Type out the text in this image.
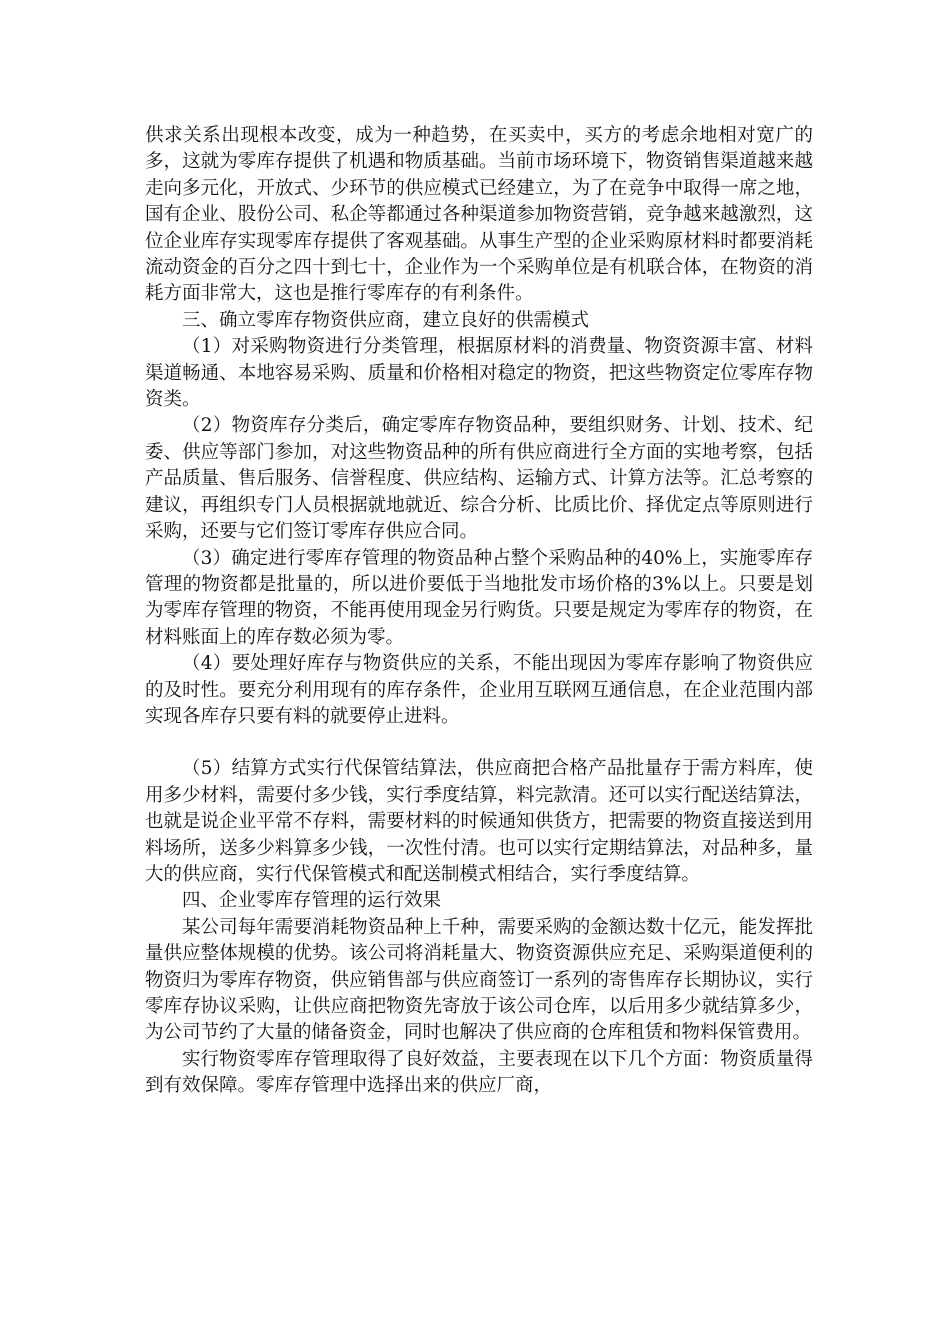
供求关系出现根本改变，成为一种趋势，在买卖中，买方的考虑余地相对宽广的多，这就为零库存提供了机遇和物质基础。当前市场环境下，物资销售渠道越来越走向多元化，开放式、少环节的供应模式已经建立，为了在竞争中取得一席之地，国有企业、股份公司、私企等都通过各种渠道参加物资营销，竞争越来越激烈，这位企业库存实现零库存提供了客观基础。从事生产型的企业采购原材料时都要消耗流动资金的百分之四十到七十，企业作为一个采购单位是有机联合体，在物资的消耗方面非常大，这也是推行零库存的有利条件。

三、确立零库存物资供应商，建立良好的供需模式

（1）对采购物资进行分类管理，根据原材料的消费量、物资资源丰富、材料渠道畅通、本地容易采购、质量和价格相对稳定的物资，把这些物资定位零库存物资类。

（2）物资库存分类后，确定零库存物资品种，要组织财务、计划、技术、纪委、供应等部门参加，对这些物资品种的所有供应商进行全方面的实地考察，包括产品质量、售后服务、信誉程度、供应结构、运输方式、计算方法等。汇总考察的建议，再组织专门人员根据就地就近、综合分析、比质比价、择优定点等原则进行采购，还要与它们签订零库存供应合同。

（3）确定进行零库存管理的物资品种占整个采购品种的40%上，实施零库存管理的物资都是批量的，所以进价要低于当地批发市场价格的3%以上。只要是划为零库存管理的物资，不能再使用现金另行购货。只要是规定为零库存的物资，在材料账面上的库存数必须为零。

（4）要处理好库存与物资供应的关系，不能出现因为零库存影响了物资供应的及时性。要充分利用现有的库存条件，企业用互联网互通信息，在企业范围内部实现各库存只要有料的就要停止进料。

（5）结算方式实行代保管结算法，供应商把合格产品批量存于需方料库，使用多少材料，需要付多少钱，实行季度结算，料完款清。还可以实行配送结算法，也就是说企业平常不存料，需要材料的时候通知供货方，把需要的物资直接送到用料场所，送多少料算多少钱，一次性付清。也可以实行定期结算法，对品种多，量大的供应商，实行代保管模式和配送制模式相结合，实行季度结算。

四、企业零库存管理的运行效果

某公司每年需要消耗物资品种上千种，需要采购的金额达数十亿元，能发挥批量供应整体规模的优势。该公司将消耗量大、物资资源供应充足、采购渠道便利的物资归为零库存物资，供应销售部与供应商签订一系列的寄售库存长期协议，实行零库存协议采购，让供应商把物资先寄放于该公司仓库，以后用多少就结算多少，为公司节约了大量的储备资金，同时也解决了供应商的仓库租赁和物料保管费用。

实行物资零库存管理取得了良好效益，主要表现在以下几个方面：物资质量得到有效保障。零库存管理中选择出来的供应厂商，
